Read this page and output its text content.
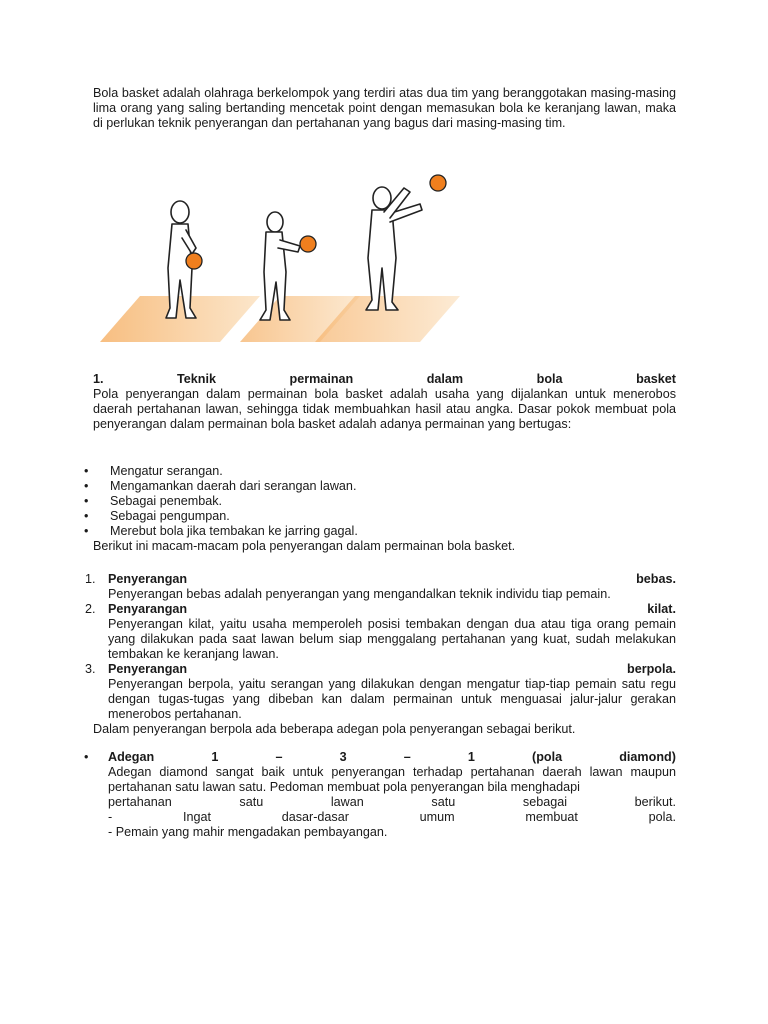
Bola basket adalah olahraga berkelompok yang terdiri atas dua tim yang beranggotakan masing-masing lima orang yang saling bertanding mencetak point dengan memasukan bola ke keranjang lawan, maka di perlukan teknik penyerangan dan pertahanan yang bagus dari masing-masing tim.

1.	Teknik	permainan	dalam	bola	basket

Pola penyerangan dalam permainan bola basket adalah usaha yang dijalankan untuk menerobos daerah pertahanan lawan, sehingga tidak membuahkan hasil atau angka. Dasar pokok membuat pola penyerangan dalam permainan bola basket adalah adanya permainan yang bertugas:

•	Mengatur serangan.
•	Mengamankan daerah dari serangan lawan.
•	Sebagai penembak.
•	Sebagai pengumpan.
•	Merebut bola jika tembakan ke jarring gagal.
Berikut ini macam-macam pola penyerangan dalam permainan bola basket.
1. Penyerangan	bebas.

Penyerangan bebas adalah penyerangan yang mengandalkan teknik individu tiap pemain.

2. Penyarangan	kilat.

Penyerangan kilat, yaitu usaha memperoleh posisi tembakan dengan dua atau tiga orang pemain yang dilakukan pada saat lawan belum siap menggalang pertahanan yang kuat, sudah melakukan tembakan ke keranjang lawan.

3. Penyerangan	berpola.

Penyerangan berpola, yaitu serangan yang dilakukan dengan mengatur tiap-tiap pemain satu regu dengan tugas-tugas yang dibeban kan dalam permainan untuk menguasai jalur-jalur gerakan menerobos pertahanan.

Dalam penyerangan berpola ada beberapa adegan pola penyerangan sebagai berikut.
•	Adegan	1	–	3	–	1	(pola	diamond)

Adegan diamond sangat baik untuk penyerangan terhadap pertahanan daerah lawan maupun pertahanan satu lawan satu. Pedoman membuat pola penyerangan bila menghadapi

pertahanan	satu	lawan	satu	sebagai	berikut.
-	Ingat	dasar-dasar	umum	membuat	pola.
- Pemain yang mahir mengadakan pembayangan.
